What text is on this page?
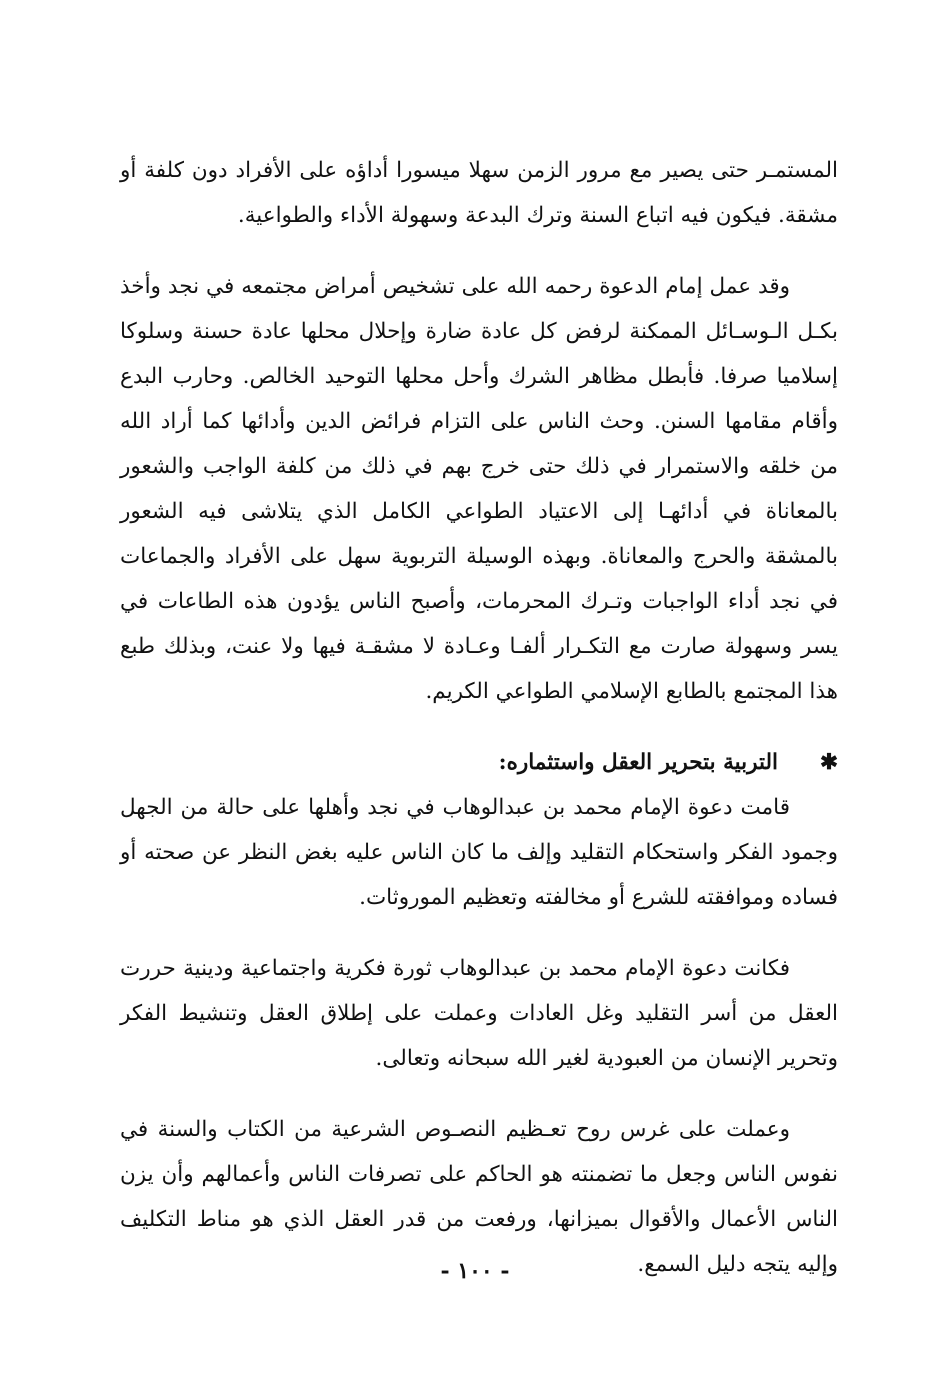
المستمـر حتى يصير مع مرور الزمن سهلا ميسورا أداؤه على الأفراد دون كلفة أو مشقة. فيكون فيه اتباع السنة وترك البدعة وسهولة الأداء والطواعية.

وقد عمل إمام الدعوة رحمه الله على تشخيص أمراض مجتمعه في نجد وأخذ بكـل الـوسـائل الممكنة لرفض كل عادة ضارة وإحلال محلها عادة حسنة وسلوكا إسلاميا صرفا. فأبطل مظاهر الشرك وأحل محلها التوحيد الخالص. وحارب البدع وأقام مقامها السنن. وحث الناس على التزام فرائض الدين وأدائها كما أراد الله من خلقه والاستمرار في ذلك حتى خرج بهم في ذلك من كلفة الواجب والشعور بالمعاناة في أدائهـا إلى الاعتياد الطواعي الكامل الذي يتلاشى فيه الشعور بالمشقة والحرج والمعاناة. وبهذه الوسيلة التربوية سهل على الأفراد والجماعات في نجد أداء الواجبات وتـرك المحرمات، وأصبح الناس يؤدون هذه الطاعات في يسر وسهولة صارت مع التكـرار ألفـا وعـادة لا مشقـة فيها ولا عنت، وبذلك طبع هذا المجتمع بالطابع الإسلامي الطواعي الكريم.

✱
التربية بتحرير العقل واستثماره:

قامت دعوة الإمام محمد بن عبدالوهاب في نجد وأهلها على حالة من الجهل وجمود الفكر واستحكام التقليد وإلف ما كان الناس عليه بغض النظر عن صحته أو فساده وموافقته للشرع أو مخالفته وتعظيم الموروثات.

فكانت دعوة الإمام محمد بن عبدالوهاب ثورة فكرية واجتماعية ودينية حررت العقل من أسر التقليد وغل العادات وعملت على إطلاق العقل وتنشيط الفكر وتحرير الإنسان من العبودية لغير الله سبحانه وتعالى.

وعملت على غرس روح تعـظيم النصـوص الشرعية من الكتاب والسنة في نفوس الناس وجعل ما تضمنته هو الحاكم على تصرفات الناس وأعمالهم وأن يزن الناس الأعمال والأقوال بميزانها، ورفعت من قدر العقل الذي هو مناط التكليف وإليه يتجه دليل السمع.

- ١٠٠ -
